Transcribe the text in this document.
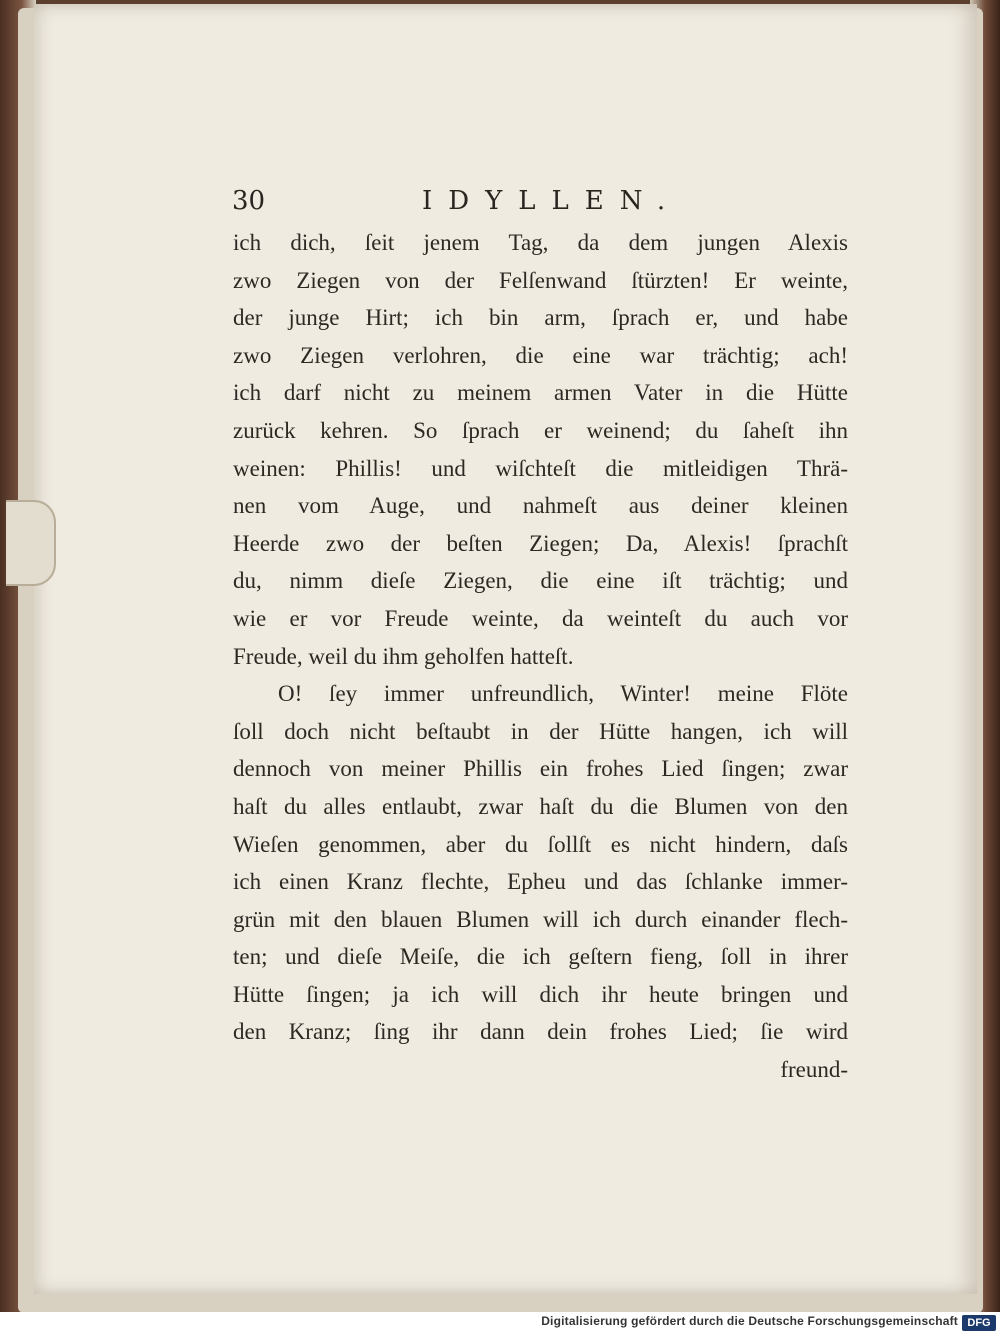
30	IDYLLEN.
ich dich, ſeit jenem Tag, da dem jungen Alexis
zwo Ziegen von der Felſenwand ſtürzten! Er weinte,
der junge Hirt; ich bin arm, ſprach er, und habe
zwo Ziegen verlohren, die eine war trächtig; ach!
ich darf nicht zu meinem armen Vater in die Hütte
zurück kehren. So ſprach er weinend; du ſaheſt ihn
weinen: Phillis! und wiſchteſt die mitleidigen Thrä-
nen vom Auge, und nahmeſt aus deiner kleinen
Heerde zwo der beſten Ziegen; Da, Alexis! ſprachſt
du, nimm dieſe Ziegen, die eine iſt trächtig; und
wie er vor Freude weinte, da weinteſt du auch vor
Freude, weil du ihm geholfen hatteſt.
O! ſey immer unfreundlich, Winter! meine Flöte
ſoll doch nicht beſtaubt in der Hütte hangen, ich will
dennoch von meiner Phillis ein frohes Lied ſingen; zwar
haſt du alles entlaubt, zwar haſt du die Blumen von den
Wieſen genommen, aber du ſollſt es nicht hindern, daſs
ich einen Kranz flechte, Epheu und das ſchlanke immer-
grün mit den blauen Blumen will ich durch einander flech-
ten; und dieſe Meiſe, die ich geſtern fieng, ſoll in ihrer
Hütte ſingen; ja ich will dich ihr heute bringen und
den Kranz; ſing ihr dann dein frohes Lied; ſie wird
freund-
Digitalisierung gefördert durch die Deutsche Forschungsgemeinschaft DFG
